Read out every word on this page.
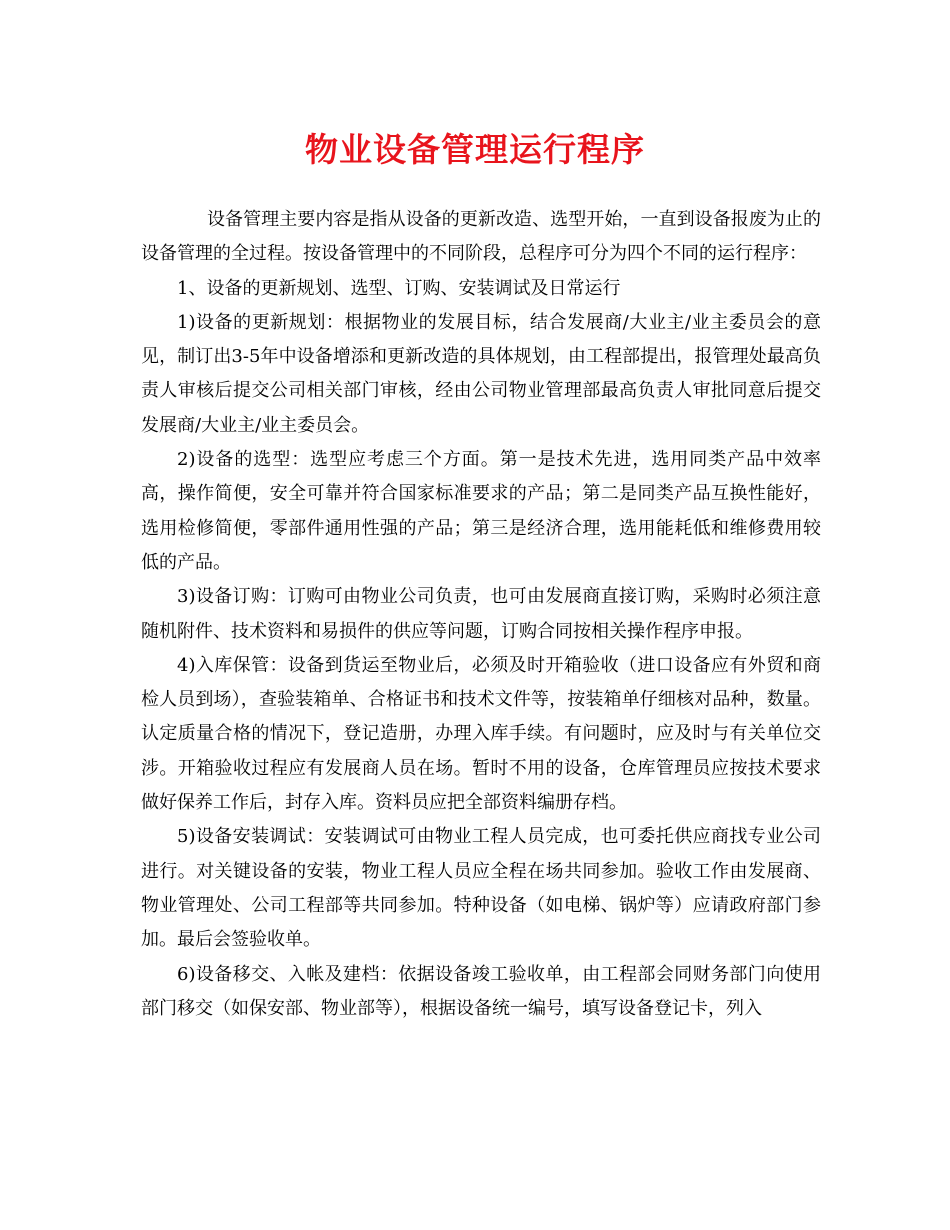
物业设备管理运行程序

设备管理主要内容是指从设备的更新改造、选型开始，一直到设备报废为止的设备管理的全过程。按设备管理中的不同阶段，总程序可分为四个不同的运行程序：

1、设备的更新规划、选型、订购、安装调试及日常运行

1)设备的更新规划：根据物业的发展目标，结合发展商/大业主/业主委员会的意见，制订出3-5年中设备增添和更新改造的具体规划，由工程部提出，报管理处最高负责人审核后提交公司相关部门审核，经由公司物业管理部最高负责人审批同意后提交发展商/大业主/业主委员会。

2)设备的选型：选型应考虑三个方面。第一是技术先进，选用同类产品中效率高，操作简便，安全可靠并符合国家标准要求的产品；第二是同类产品互换性能好，选用检修简便，零部件通用性强的产品；第三是经济合理，选用能耗低和维修费用较低的产品。

3)设备订购：订购可由物业公司负责，也可由发展商直接订购，采购时必须注意随机附件、技术资料和易损件的供应等问题，订购合同按相关操作程序申报。

4)入库保管：设备到货运至物业后，必须及时开箱验收（进口设备应有外贸和商检人员到场），查验装箱单、合格证书和技术文件等，按装箱单仔细核对品种，数量。认定质量合格的情况下，登记造册，办理入库手续。有问题时，应及时与有关单位交涉。开箱验收过程应有发展商人员在场。暂时不用的设备，仓库管理员应按技术要求做好保养工作后，封存入库。资料员应把全部资料编册存档。

5)设备安装调试：安装调试可由物业工程人员完成，也可委托供应商找专业公司进行。对关键设备的安装，物业工程人员应全程在场共同参加。验收工作由发展商、物业管理处、公司工程部等共同参加。特种设备（如电梯、锅炉等）应请政府部门参加。最后会签验收单。

6)设备移交、入帐及建档：依据设备竣工验收单，由工程部会同财务部门向使用部门移交（如保安部、物业部等），根据设备统一编号，填写设备登记卡，列入
